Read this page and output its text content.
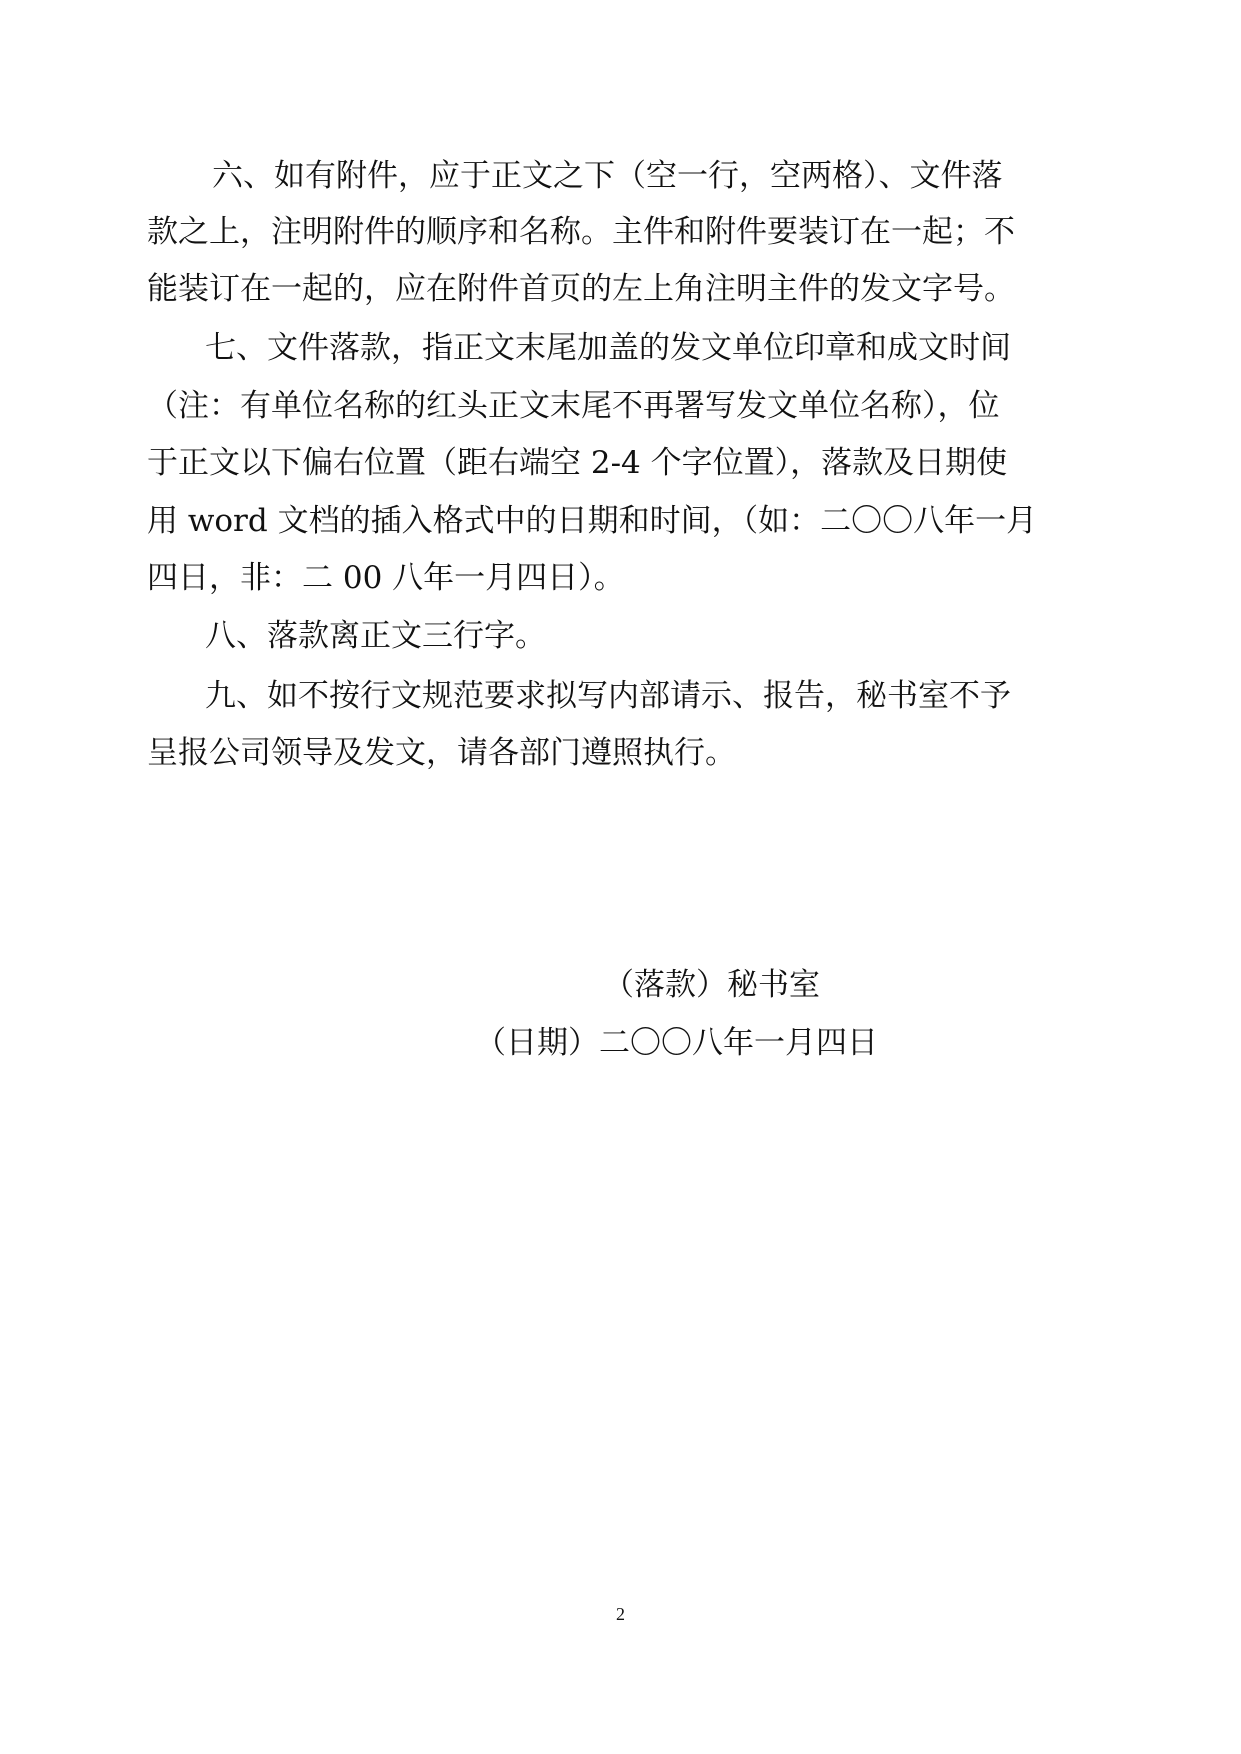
六、如有附件，应于正文之下（空一行，空两格）、文件落

款之上，注明附件的顺序和名称。主件和附件要装订在一起；不

能装订在一起的，应在附件首页的左上角注明主件的发文字号。

七、文件落款，指正文末尾加盖的发文单位印章和成文时间

（注：有单位名称的红头正文末尾不再署写发文单位名称），位

于正文以下偏右位置（距右端空 2-4 个字位置），落款及日期使

用 word 文档的插入格式中的日期和时间，（如：二〇〇八年一月

四日，非：二 00 八年一月四日）。

八、落款离正文三行字。

九、如不按行文规范要求拟写内部请示、报告，秘书室不予

呈报公司领导及发文，请各部门遵照执行。

（落款）秘书室

（日期）二〇〇八年一月四日

2
